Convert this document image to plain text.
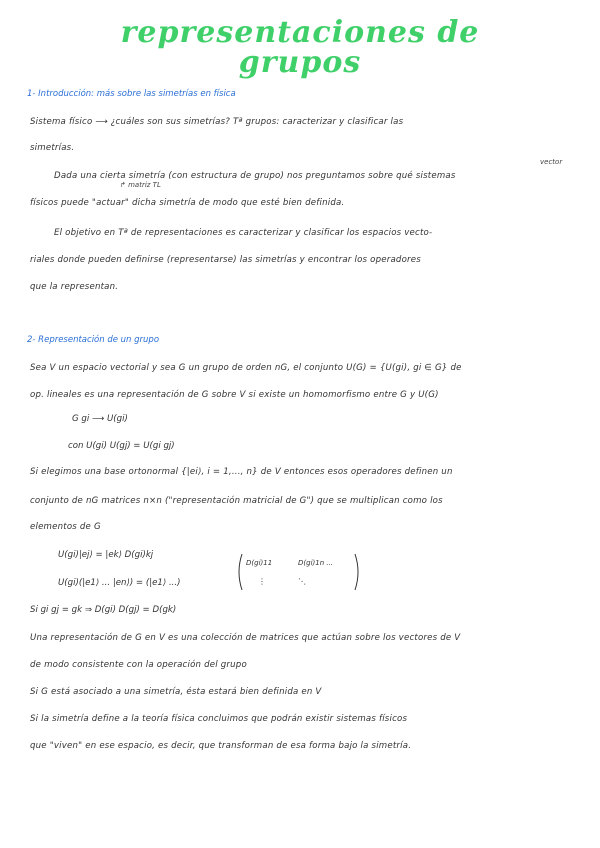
representaciones de
grupos
1- Introducción: más sobre las simetrías en física
Sistema físico ⟶ ¿cuáles son sus simetrías? Tª grupos: caracterizar y clasificar las
simetrías.
vector
↱ matriz TL
Dada una cierta simetría (con estructura de grupo) nos preguntamos sobre qué sistemas
físicos puede "actuar" dicha simetría de modo que esté bien definida.
El objetivo en Tª de representaciones es caracterizar y clasificar los espacios vecto-
riales donde pueden definirse (representarse) las simetrías y encontrar los operadores
que la representan.
2- Representación de un grupo
Sea V un espacio vectorial y sea G un grupo de orden nG, el conjunto U(G) = {U(gi), gi ∈ G} de
op. lineales es una representación de G sobre V si existe un homomorfismo entre G y U(G)
G gi ⟶ U(gi)
con U(gi) U(gj) = U(gi gj)
Si elegimos una base ortonormal {|ei⟩, i = 1,..., n} de V entonces esos operadores definen un
conjunto de nG matrices n×n ("representación matricial de G") que se multiplican como los
elementos de G
U(gi)|ej⟩ = |ek⟩ D(gi)kj
U(gi)(|e1⟩ ... |en⟩) = (|e1⟩ ...)
D(gi)11	D(gi)1n ...
⋮	⋱
Si gi gj = gk ⇒ D(gi) D(gj) = D(gk)
Una representación de G en V es una colección de matrices que actúan sobre los vectores de V
de modo consistente con la operación del grupo
Si G está asociado a una simetría, ésta estará bien definida en V
Si la simetría define a la teoría física concluimos que podrán existir sistemas físicos
que "viven" en ese espacio, es decir, que transforman de esa forma bajo la simetría.
